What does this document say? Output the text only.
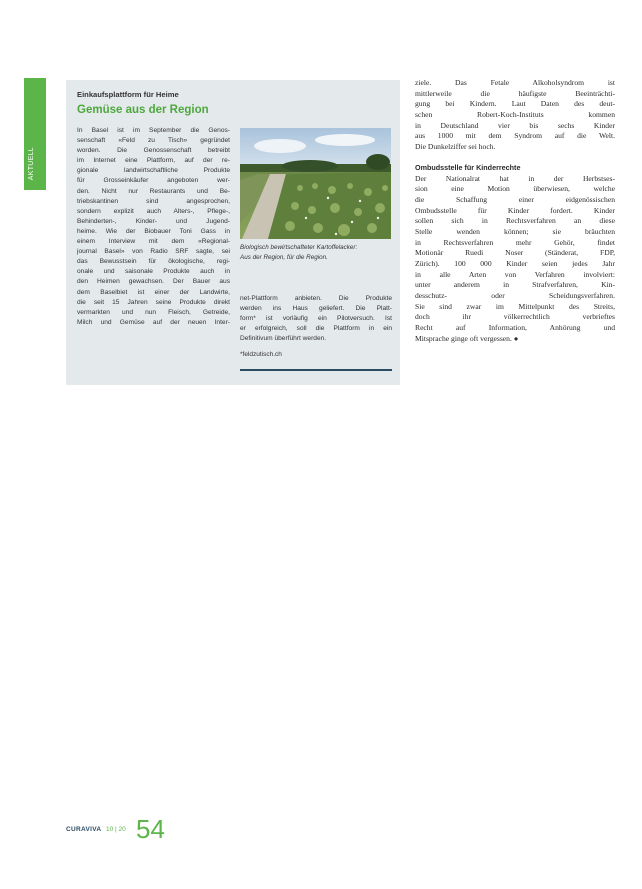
AKTUELL
Einkaufsplattform für Heime
Gemüse aus der Region
In Basel ist im September die Genos-
senschaft «Feld zu Tisch» gegründet
worden. Die Genossenschaft betreibt
im Internet eine Plattform, auf der re-
gionale landwirtschaftliche Produkte
für Grosseinkäufer angeboten wer-
den. Nicht nur Restaurants und Be-
triebskantinen sind angesprochen,
sondern explizit auch Alters-, Pflege-,
Behinderten-, Kinder- und Jugend-
heime. Wie der Biobauer Toni Gass in
einem Interview mit dem «Regional-
journal Basel» von Radio SRF sagte, sei
das Bewusstsein für ökologische, regi-
onale und saisonale Produkte auch in
den Heimen gewachsen. Der Bauer aus
dem Baselbiet ist einer der Landwirte,
die seit 15 Jahren seine Produkte direkt
vermarkten und nun Fleisch, Getreide,
Milch und Gemüse auf der neuen Inter-
Biologisch bewirtschafteter Kartoffelacker:
Aus der Region, für die Region.
net-Plattform anbieten. Die Produkte
werden ins Haus geliefert. Die Platt-
form* ist vorläufig ein Pilotversuch. Ist
er erfolgreich, soll die Plattform in ein
Definitivum überführt werden.
*feldzutisch.ch
ziele. Das Fetale Alkoholsyndrom ist
mittlerweile die häufigste Beeinträchti-
gung bei Kindern. Laut Daten des deut-
schen Robert-Koch-Instituts kommen
in Deutschland vier bis sechs Kinder
aus 1000 mit dem Syndrom auf die Welt.
Die Dunkelziffer sei hoch.
Ombudsstelle für Kinderrechte
Der Nationalrat hat in der Herbstses-
sion eine Motion überwiesen, welche
die Schaffung einer eidgenössischen
Ombudsstelle für Kinder fordert. Kinder
sollen sich in Rechtsverfahren an diese
Stelle wenden können; sie bräuchten
in Rechtsverfahren mehr Gehör, findet
Motionär Ruedi Noser (Ständerat, FDP,
Zürich). 100 000 Kinder seien jedes Jahr
in alle Arten von Verfahren involviert:
unter anderem in Strafverfahren, Kin-
desschutz- oder Scheidungsverfahren.
Sie sind zwar im Mittelpunkt des Streits,
doch ihr völkerrechtlich verbrieftes
Recht auf Information, Anhörung und
Mitsprache ginge oft vergessen. ●
CURAVIVA 10 | 20 54
